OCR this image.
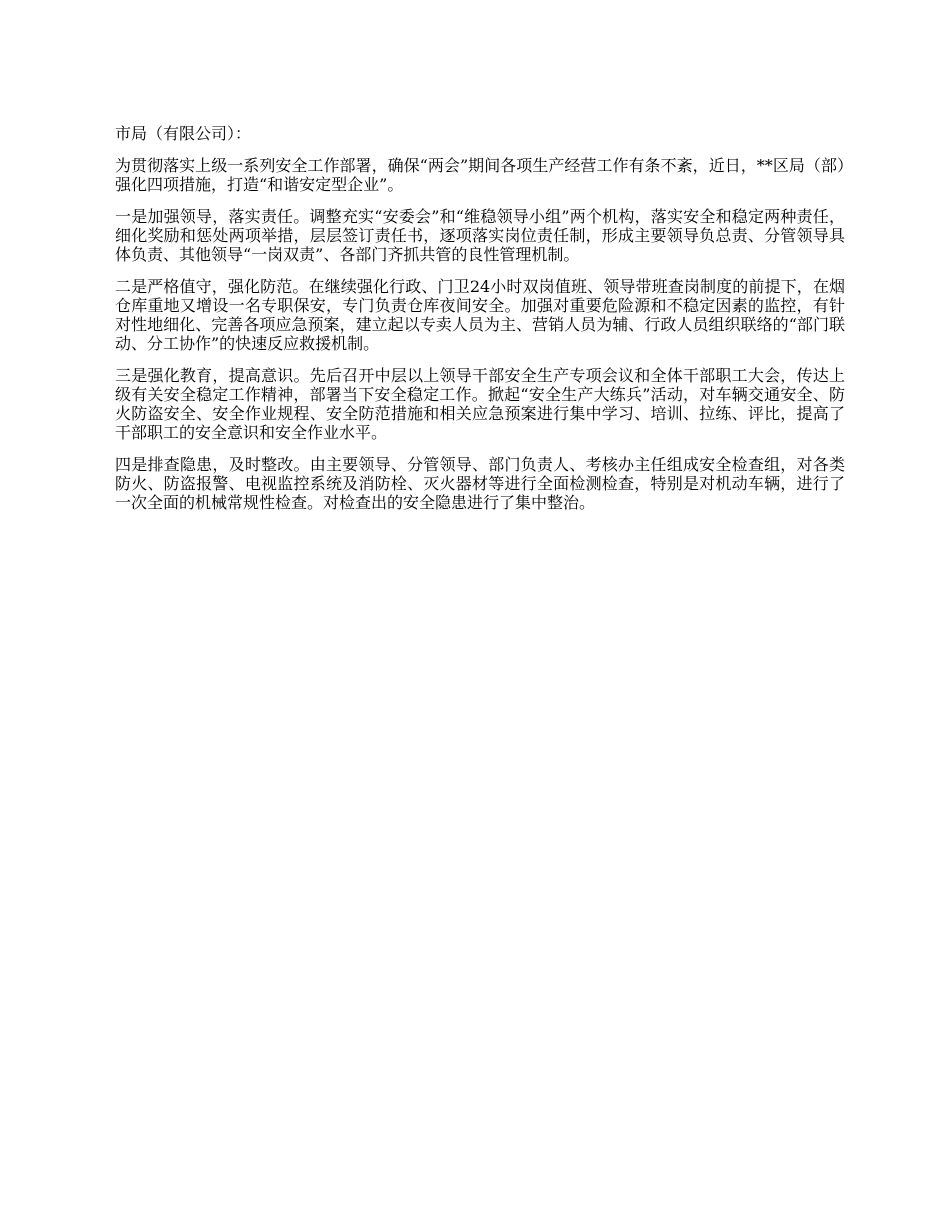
市局（有限公司）：

为贯彻落实上级一系列安全工作部署，确保“两会”期间各项生产经营工作有条不紊，近日，**区局（部）强化四项措施，打造“和谐安定型企业”。

一是加强领导，落实责任。调整充实“安委会”和“维稳领导小组”两个机构，落实安全和稳定两种责任，细化奖励和惩处两项举措，层层签订责任书，逐项落实岗位责任制，形成主要领导负总责、分管领导具体负责、其他领导“一岗双责”、各部门齐抓共管的良性管理机制。

二是严格值守，强化防范。在继续强化行政、门卫24小时双岗值班、领导带班查岗制度的前提下，在烟仓库重地又增设一名专职保安，专门负责仓库夜间安全。加强对重要危险源和不稳定因素的监控，有针对性地细化、完善各项应急预案，建立起以专卖人员为主、营销人员为辅、行政人员组织联络的“部门联动、分工协作”的快速反应救援机制。

三是强化教育，提高意识。先后召开中层以上领导干部安全生产专项会议和全体干部职工大会，传达上级有关安全稳定工作精神，部署当下安全稳定工作。掀起“安全生产大练兵”活动，对车辆交通安全、防火防盗安全、安全作业规程、安全防范措施和相关应急预案进行集中学习、培训、拉练、评比，提高了干部职工的安全意识和安全作业水平。

四是排查隐患，及时整改。由主要领导、分管领导、部门负责人、考核办主任组成安全检查组，对各类防火、防盗报警、电视监控系统及消防栓、灭火器材等进行全面检测检查，特别是对机动车辆，进行了一次全面的机械常规性检查。对检查出的安全隐患进行了集中整治。
